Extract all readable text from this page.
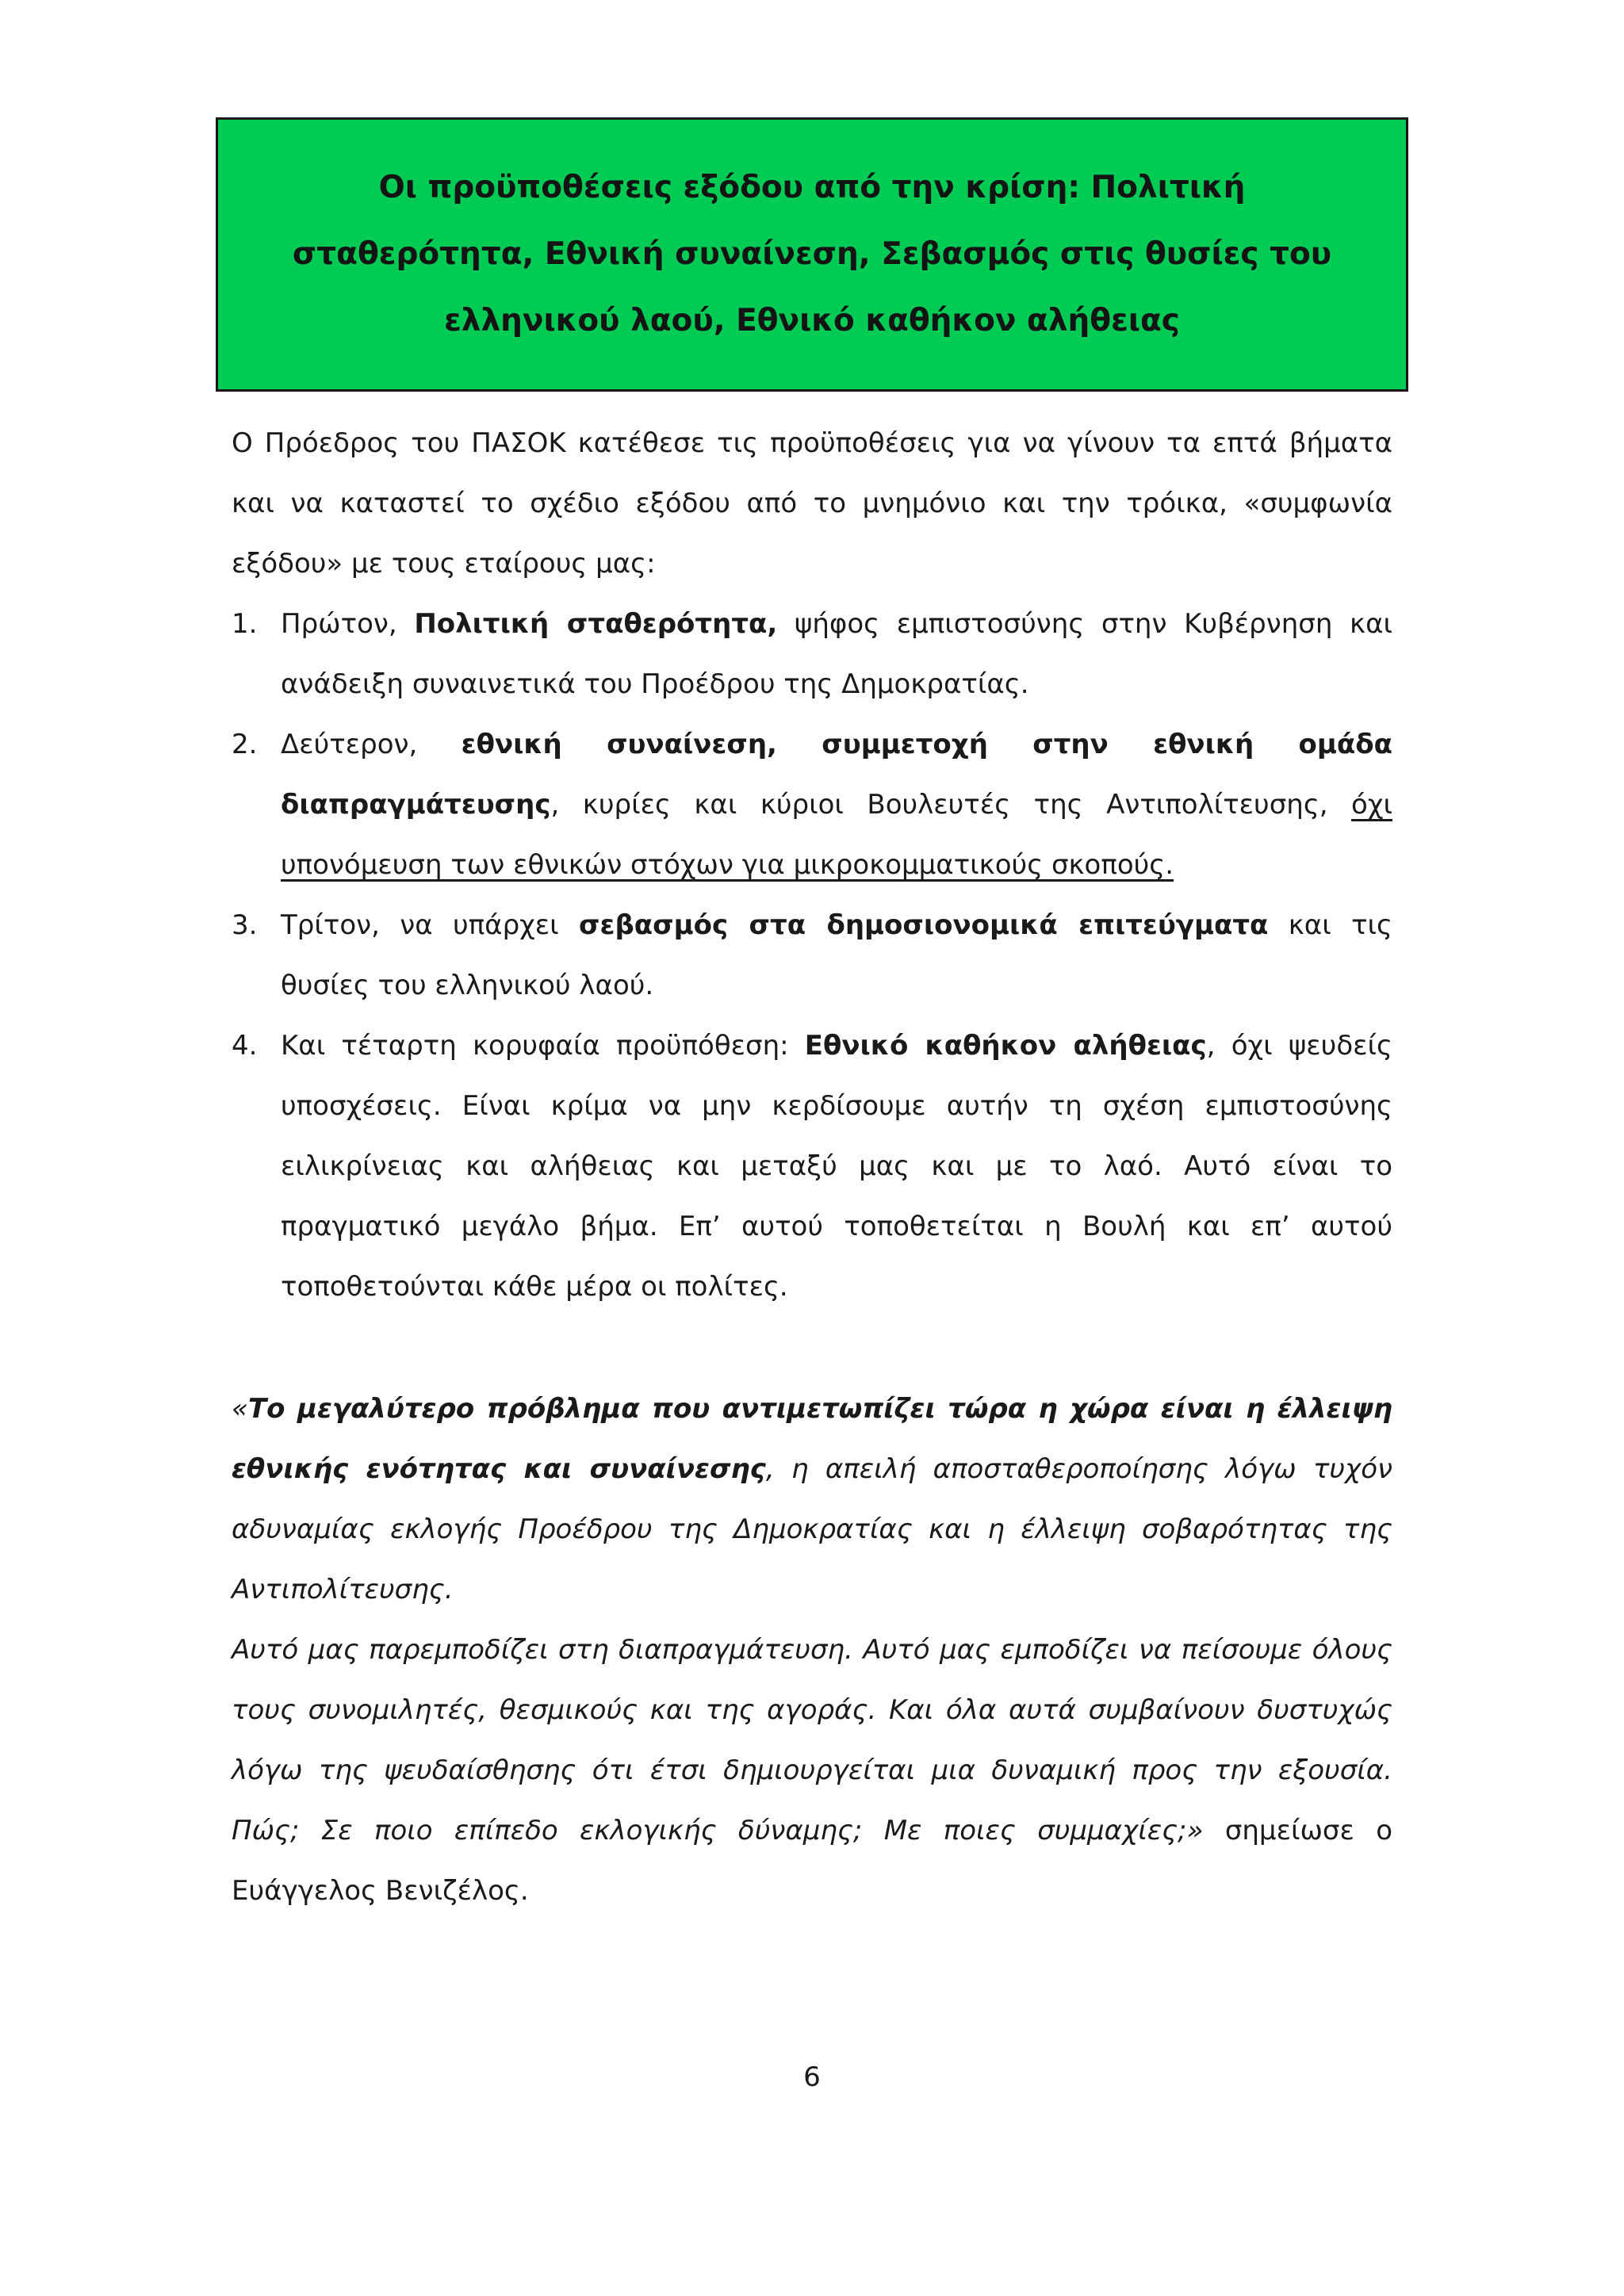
Οι προϋποθέσεις εξόδου από την κρίση: Πολιτική σταθερότητα, Εθνική συναίνεση, Σεβασμός στις θυσίες του ελληνικού λαού, Εθνικό καθήκον αλήθειας

Ο Πρόεδρος του ΠΑΣΟΚ κατέθεσε τις προϋποθέσεις για να γίνουν τα επτά βήματα και να καταστεί το σχέδιο εξόδου από το μνημόνιο και την τρόικα, «συμφωνία εξόδου» με τους εταίρους μας:

1. Πρώτον, Πολιτική σταθερότητα, ψήφος εμπιστοσύνης στην Κυβέρνηση και ανάδειξη συναινετικά του Προέδρου της Δημοκρατίας.
2. Δεύτερον, εθνική συναίνεση, συμμετοχή στην εθνική ομάδα διαπραγμάτευσης, κυρίες και κύριοι Βουλευτές της Αντιπολίτευσης, όχι υπονόμευση των εθνικών στόχων για μικροκομματικούς σκοπούς.
3. Τρίτον, να υπάρχει σεβασμός στα δημοσιονομικά επιτεύγματα και τις θυσίες του ελληνικού λαού.
4. Και τέταρτη κορυφαία προϋπόθεση: Εθνικό καθήκον αλήθειας, όχι ψευδείς υποσχέσεις. Είναι κρίμα να μην κερδίσουμε αυτήν τη σχέση εμπιστοσύνης ειλικρίνειας και αλήθειας και μεταξύ μας και με το λαό. Αυτό είναι το πραγματικό μεγάλο βήμα. Επ’ αυτού τοποθετείται η Βουλή και επ’ αυτού τοποθετούνται κάθε μέρα οι πολίτες.

«Το μεγαλύτερο πρόβλημα που αντιμετωπίζει τώρα η χώρα είναι η έλλειψη εθνικής ενότητας και συναίνεσης, η απειλή αποσταθεροποίησης λόγω τυχόν αδυναμίας εκλογής Προέδρου της Δημοκρατίας και η έλλειψη σοβαρότητας της Αντιπολίτευσης.
Αυτό μας παρεμποδίζει στη διαπραγμάτευση. Αυτό μας εμποδίζει να πείσουμε όλους τους συνομιλητές, θεσμικούς και της αγοράς. Και όλα αυτά συμβαίνουν δυστυχώς λόγω της ψευδαίσθησης ότι έτσι δημιουργείται μια δυναμική προς την εξουσία. Πώς; Σε ποιο επίπεδο εκλογικής δύναμης; Με ποιες συμμαχίες;» σημείωσε ο Ευάγγελος Βενιζέλος.

6
